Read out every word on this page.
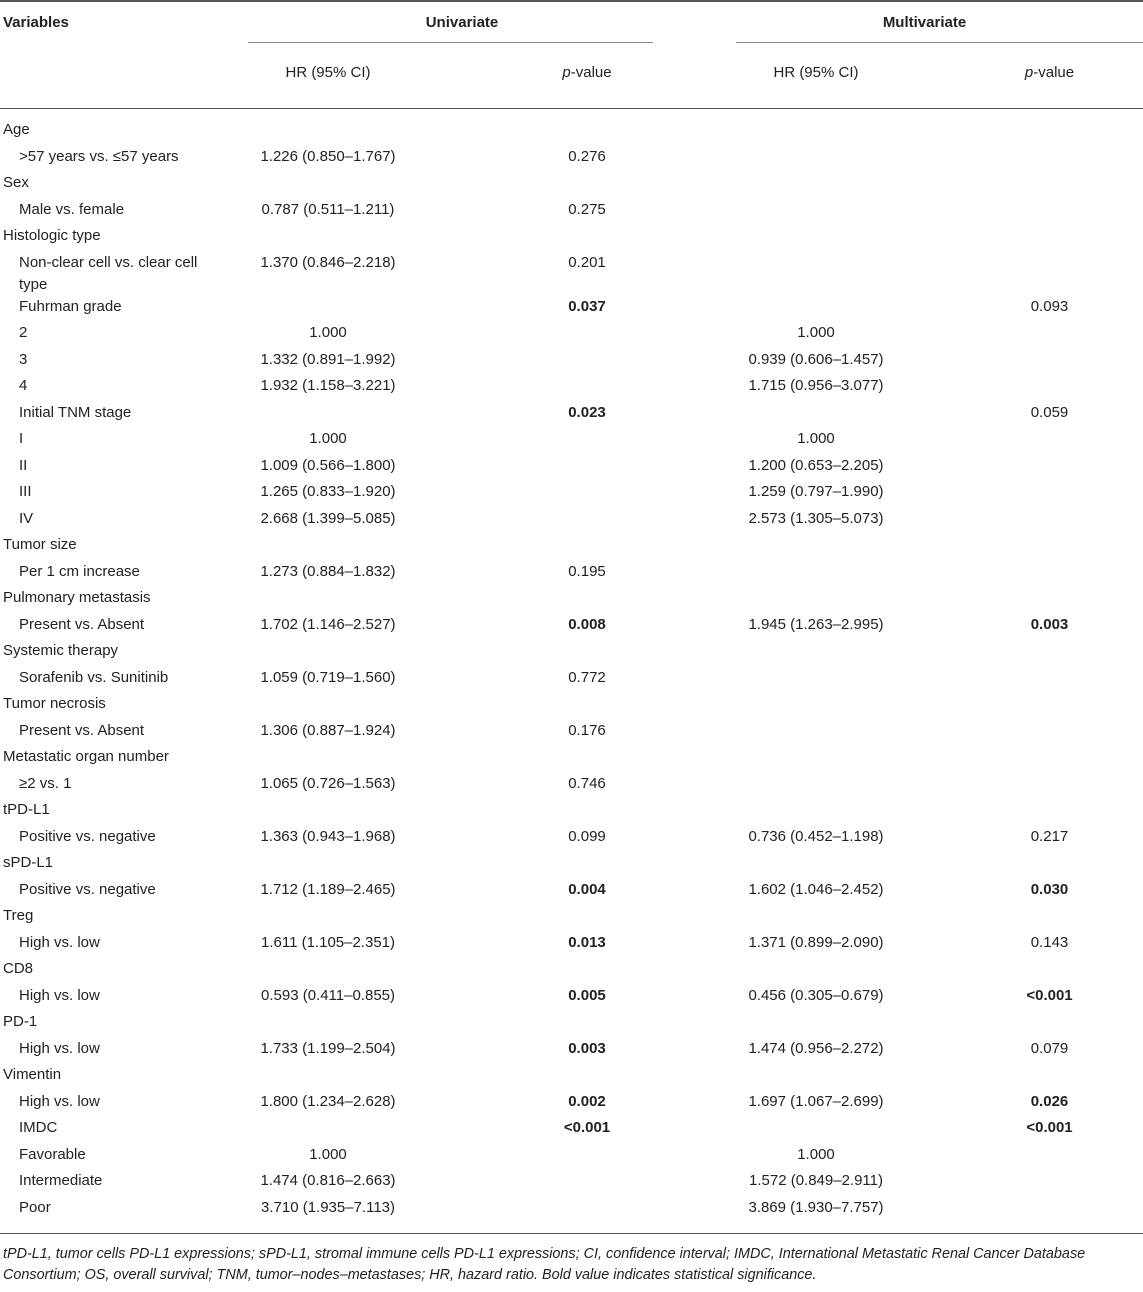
Variables	Univariate		Multivariate	

	HR (95% CI)	p-value	HR (95% CI)	p-value
Age				
>57 years vs. ≤57 years	1.226 (0.850–1.767)	0.276		
Sex				
Male vs. female	0.787 (0.511–1.211)	0.275		
Histologic type				
Non-clear cell vs. clear cell type	1.370 (0.846–2.218)	0.201		
Fuhrman grade		0.037		0.093
2	1.000		1.000	
3	1.332 (0.891–1.992)		0.939 (0.606–1.457)	
4	1.932 (1.158–3.221)		1.715 (0.956–3.077)	
Initial TNM stage		0.023		0.059
I	1.000		1.000	
II	1.009 (0.566–1.800)		1.200 (0.653–2.205)	
III	1.265 (0.833–1.920)		1.259 (0.797–1.990)	
IV	2.668 (1.399–5.085)		2.573 (1.305–5.073)	
Tumor size				
Per 1 cm increase	1.273 (0.884–1.832)	0.195		
Pulmonary metastasis				
Present vs. Absent	1.702 (1.146–2.527)	0.008	1.945 (1.263–2.995)	0.003
Systemic therapy				
Sorafenib vs. Sunitinib	1.059 (0.719–1.560)	0.772		
Tumor necrosis				
Present vs. Absent	1.306 (0.887–1.924)	0.176		
Metastatic organ number				
≥2 vs. 1	1.065 (0.726–1.563)	0.746		
tPD-L1				
Positive vs. negative	1.363 (0.943–1.968)	0.099	0.736 (0.452–1.198)	0.217
sPD-L1				
Positive vs. negative	1.712 (1.189–2.465)	0.004	1.602 (1.046–2.452)	0.030
Treg				
High vs. low	1.611 (1.105–2.351)	0.013	1.371 (0.899–2.090)	0.143
CD8				
High vs. low	0.593 (0.411–0.855)	0.005	0.456 (0.305–0.679)	<0.001
PD-1				
High vs. low	1.733 (1.199–2.504)	0.003	1.474 (0.956–2.272)	0.079
Vimentin				
High vs. low	1.800 (1.234–2.628)	0.002	1.697 (1.067–2.699)	0.026
IMDC		<0.001		<0.001
Favorable	1.000		1.000	
Intermediate	1.474 (0.816–2.663)		1.572 (0.849–2.911)	
Poor	3.710 (1.935–7.113)		3.869 (1.930–7.757)	
tPD-L1, tumor cells PD-L1 expressions; sPD-L1, stromal immune cells PD-L1 expressions; CI, confidence interval; IMDC, International Metastatic Renal Cancer Database Consortium; OS, overall survival; TNM, tumor–nodes–metastases; HR, hazard ratio. Bold value indicates statistical significance.
